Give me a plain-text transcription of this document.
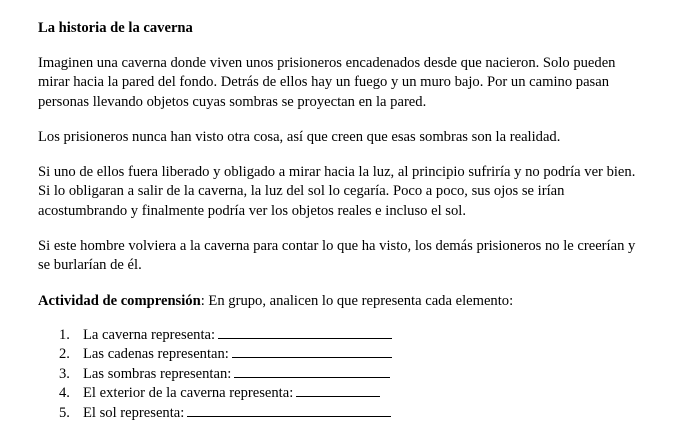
La historia de la caverna

Imaginen una caverna donde viven unos prisioneros encadenados desde que nacieron. Solo pueden mirar hacia la pared del fondo. Detrás de ellos hay un fuego y un muro bajo. Por un camino pasan personas llevando objetos cuyas sombras se proyectan en la pared.

Los prisioneros nunca han visto otra cosa, así que creen que esas sombras son la realidad.

Si uno de ellos fuera liberado y obligado a mirar hacia la luz, al principio sufriría y no podría ver bien. Si lo obligaran a salir de la caverna, la luz del sol lo cegaría. Poco a poco, sus ojos se irían acostumbrando y finalmente podría ver los objetos reales e incluso el sol.

Si este hombre volviera a la caverna para contar lo que ha visto, los demás prisioneros no le creerían y se burlarían de él.

Actividad de comprensión: En grupo, analicen lo que representa cada elemento:
1. La caverna representa:
2. Las cadenas representan:
3. Las sombras representan:
4. El exterior de la caverna representa:
5. El sol representa:
